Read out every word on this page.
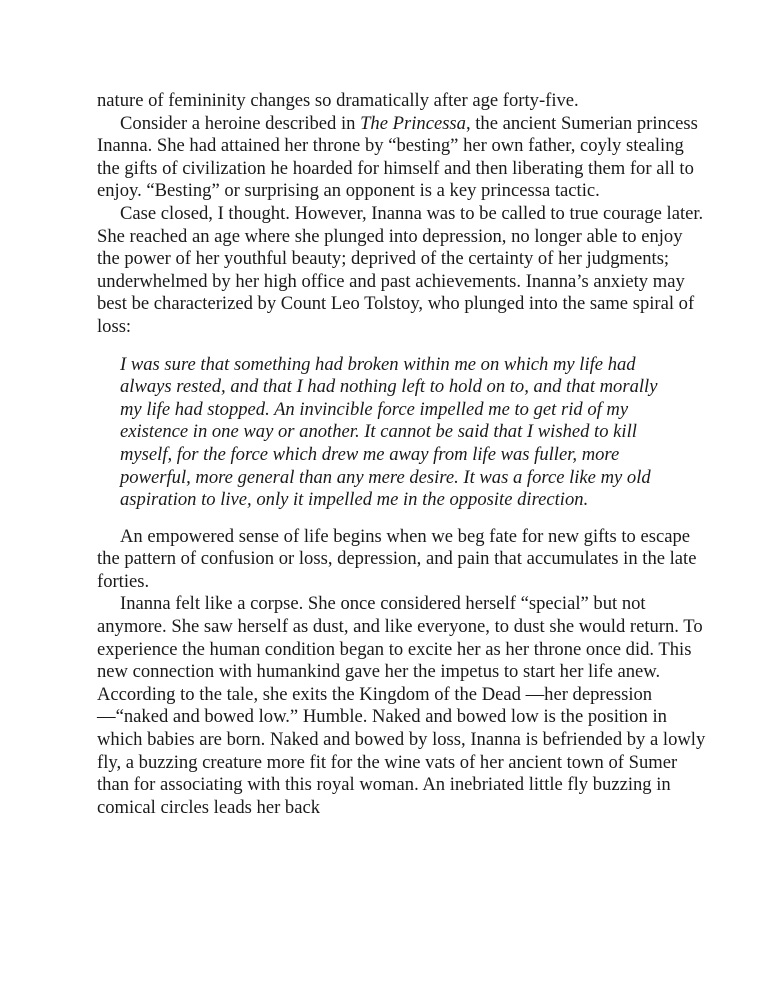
nature of femininity changes so dramatically after age forty-five.

Consider a heroine described in The Princessa, the ancient Sumerian princess Inanna. She had attained her throne by “besting” her own father, coyly stealing the gifts of civilization he hoarded for himself and then liberating them for all to enjoy. “Besting” or surprising an opponent is a key princessa tactic.

Case closed, I thought. However, Inanna was to be called to true courage later. She reached an age where she plunged into depression, no longer able to enjoy the power of her youthful beauty; deprived of the certainty of her judgments; underwhelmed by her high office and past achievements. Inanna’s anxiety may best be characterized by Count Leo Tolstoy, who plunged into the same spiral of loss:

I was sure that something had broken within me on which my life had always rested, and that I had nothing left to hold on to, and that morally my life had stopped. An invincible force impelled me to get rid of my existence in one way or another. It cannot be said that I wished to kill myself, for the force which drew me away from life was fuller, more powerful, more general than any mere desire. It was a force like my old aspiration to live, only it impelled me in the opposite direction.

An empowered sense of life begins when we beg fate for new gifts to escape the pattern of confusion or loss, depression, and pain that accumulates in the late forties.

Inanna felt like a corpse. She once considered herself “special” but not anymore. She saw herself as dust, and like everyone, to dust she would return. To experience the human condition began to excite her as her throne once did. This new connection with humankind gave her the impetus to start her life anew. According to the tale, she exits the Kingdom of the Dead —her depression—“naked and bowed low.” Humble. Naked and bowed low is the position in which babies are born. Naked and bowed by loss, Inanna is befriended by a lowly fly, a buzzing creature more fit for the wine vats of her ancient town of Sumer than for associating with this royal woman. An inebriated little fly buzzing in comical circles leads her back
